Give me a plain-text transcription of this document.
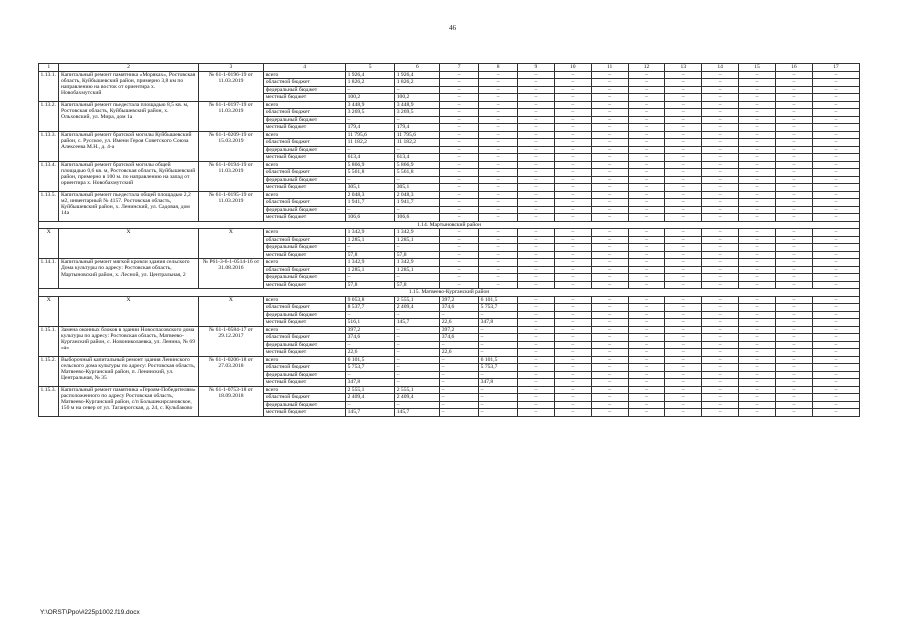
46
1	2	3	4	5	6	7	8	9	10	11	12	13	14	15	16	17
1.13.1.	Капитальный ремонт памятника «Моряках», Ростовская область, Куйбышевский район, примерно 3,8 км по направлению на восток от ориентира х. Новобахмутский	№ 61-1-0196-19 от 11.03.2019	всего	1 926,4	1 926,4	–	–	–	–	–	–	–	–	–	–	–
			областной бюджет	1 826,2	1 826,2	–	–	–	–	–	–	–	–	–	–	–
			федеральный бюджет	–	–	–	–	–	–	–	–	–	–	–	–	–
			местный бюджет	100,2	100,2	–	–	–	–	–	–	–	–	–	–	–
1.13.2.	Капитальный ремонт пьедестала площадью 8,5 кв. м, Ростовская область, Куйбышевский район, х. Ольховский, ул. Мира, дом 1а	№ 61-1-0197-19 от 11.03.2019	всего	3 448,9	3 448,9	–	–	–	–	–	–	–	–	–	–	–
			областной бюджет	3 269,5	3 269,5	–	–	–	–	–	–	–	–	–	–	–
			федеральный бюджет	–	–	–	–	–	–	–	–	–	–	–	–	–
			местный бюджет	179,4	179,4	–	–	–	–	–	–	–	–	–	–	–
1.13.3.	Капитальный ремонт братской могилы Куйбышевский район, с. Русское, ул. Имени Героя Советского Союза Алексеева М.Н., д. 4-а	№ 61-1-0209-19 от 15.03.2019	всего	11 795,6	11 795,6	–	–	–	–	–	–	–	–	–	–	–
			областной бюджет	11 182,2	11 182,2	–	–	–	–	–	–	–	–	–	–	–
			федеральный бюджет	–	–	–	–	–	–	–	–	–	–	–	–	–
			местный бюджет	613,4	613,4	–	–	–	–	–	–	–	–	–	–	–
1.13.4.	Капитальный ремонт братской могилы общей площадью 0,6 кв. м, Ростовская область, Куйбышевский район, примерно в 100 м. по направлению на запад от ориентира х. Новобахмутский	№ 61-1-0194-19 от 11.03.2019	всего	5 866,9	5 866,9	–	–	–	–	–	–	–	–	–	–	–
			областной бюджет	5 561,8	5 561,8	–	–	–	–	–	–	–	–	–	–	–
			федеральный бюджет	–	–	–	–	–	–	–	–	–	–	–	–	–
			местный бюджет	305,1	305,1	–	–	–	–	–	–	–	–	–	–	–
1.13.5.	Капитальный ремонт пьедестала общей площадью 2,2 м2, инвентарный № 4157. Ростовская область, Куйбышевский район, х. Ленинский, ул. Садовая, дом 14а	№ 61-1-0195-19 от 11.03.2019	всего	2 048,3	2 048,3	–	–	–	–	–	–	–	–	–	–	–
			областной бюджет	1 941,7	1 941,7	–	–	–	–	–	–	–	–	–	–	–
			федеральный бюджет	–	–	–	–	–	–	–	–	–	–	–	–	–
			местный бюджет	106,6	106,6	–	–	–	–	–	–	–	–	–	–	–
1.14. Мартыновский район																
Х	Х	Х	всего	1 342,9	1 342,9	–	–	–	–	–	–	–	–	–	–	–
			областной бюджет	1 285,1	1 285,1	–	–	–	–	–	–	–	–	–	–	–
			федеральный бюджет	–	–	–	–	–	–	–	–	–	–	–	–	–
			местный бюджет	57,8	57,8	–	–	–	–	–	–	–	–	–	–	–
1.14.1.	Капитальный ремонт мягкой кровли здания сельского Дома культуры по адресу: Ростовская область, Мартыновский район, х. Лесной, ул. Центральная, 2	№ Р61-3-6-1-0514-16 от 31.08.2016	всего	1 342,9	1 342,9	–	–	–	–	–	–	–	–	–	–	–
			областной бюджет	1 285,1	1 285,1	–	–	–	–	–	–	–	–	–	–	–
			федеральный бюджет	–	–	–	–	–	–	–	–	–	–	–	–	–
			местный бюджет	57,8	57,8	–	–	–	–	–	–	–	–	–	–	–
1.15. Матвеево-Курганский район																
Х	Х	Х	всего	9 053,8	2 555,1	397,2	6 101,5	–	–	–	–	–	–	–	–	–
			областной бюджет	8 537,7	2 409,4	374,6	5 753,7	–	–	–	–	–	–	–	–	–
			федеральный бюджет	–	–	–	–	–	–	–	–	–	–	–	–	–
			местный бюджет	516,1	145,7	22,6	347,8	–	–	–	–	–	–	–	–	–
1.15.1.	Замена оконных блоков в здании Новоспасовского дома культуры по адресу: Ростовская область, Матвеево-Курганский район, с. Новониколаевка, ул. Ленина, № 69 «а»	№ 61-1-0584-17 от 29.12.2017	всего	397,2	–	397,2	–	–	–	–	–	–	–	–	–	–
			областной бюджет	374,6	–	374,6	–	–	–	–	–	–	–	–	–	–
			федеральный бюджет	–	–	–	–	–	–	–	–	–	–	–	–	–
			местный бюджет	22,6	–	22,6	–	–	–	–	–	–	–	–	–	–
1.15.2.	Выборочный капитальный ремонт здания Ленинского сельского дома культуры по адресу: Ростовская область, Матвеево-Курганский район, п. Ленинский, ул. Центральная, № 35	№ 61-1-0206-18 от 27.03.2018	всего	6 101,5	–	–	6 101,5	–	–	–	–	–	–	–	–	–
			областной бюджет	5 753,7	–	–	5 753,7	–	–	–	–	–	–	–	–	–
			федеральный бюджет	–	–	–	–	–	–	–	–	–	–	–	–	–
			местный бюджет	347,8	–	–	347,8	–	–	–	–	–	–	–	–	–
1.15.3.	Капитальный ремонт памятника «Героям-Победителям» расположенного по адресу Ростовская область, Матвеево-Курганский район, с/п Большекирсановское, 150 м на север от ул. Таганрогская, д. 24, с. Кульбаково	№ 61-1-0753-18 от 18.09.2018	всего	2 555,1	2 555,1	–	–	–	–	–	–	–	–	–	–	–
			областной бюджет	2 409,4	2 409,4	–	–	–	–	–	–	–	–	–	–	–
			федеральный бюджет	–	–	–	–	–	–	–	–	–	–	–	–	–
			местный бюджет	145,7	145,7	–	–	–	–	–	–	–	–	–	–	–
Y:\ORST\Ppo\#225p1002.f19.docx
